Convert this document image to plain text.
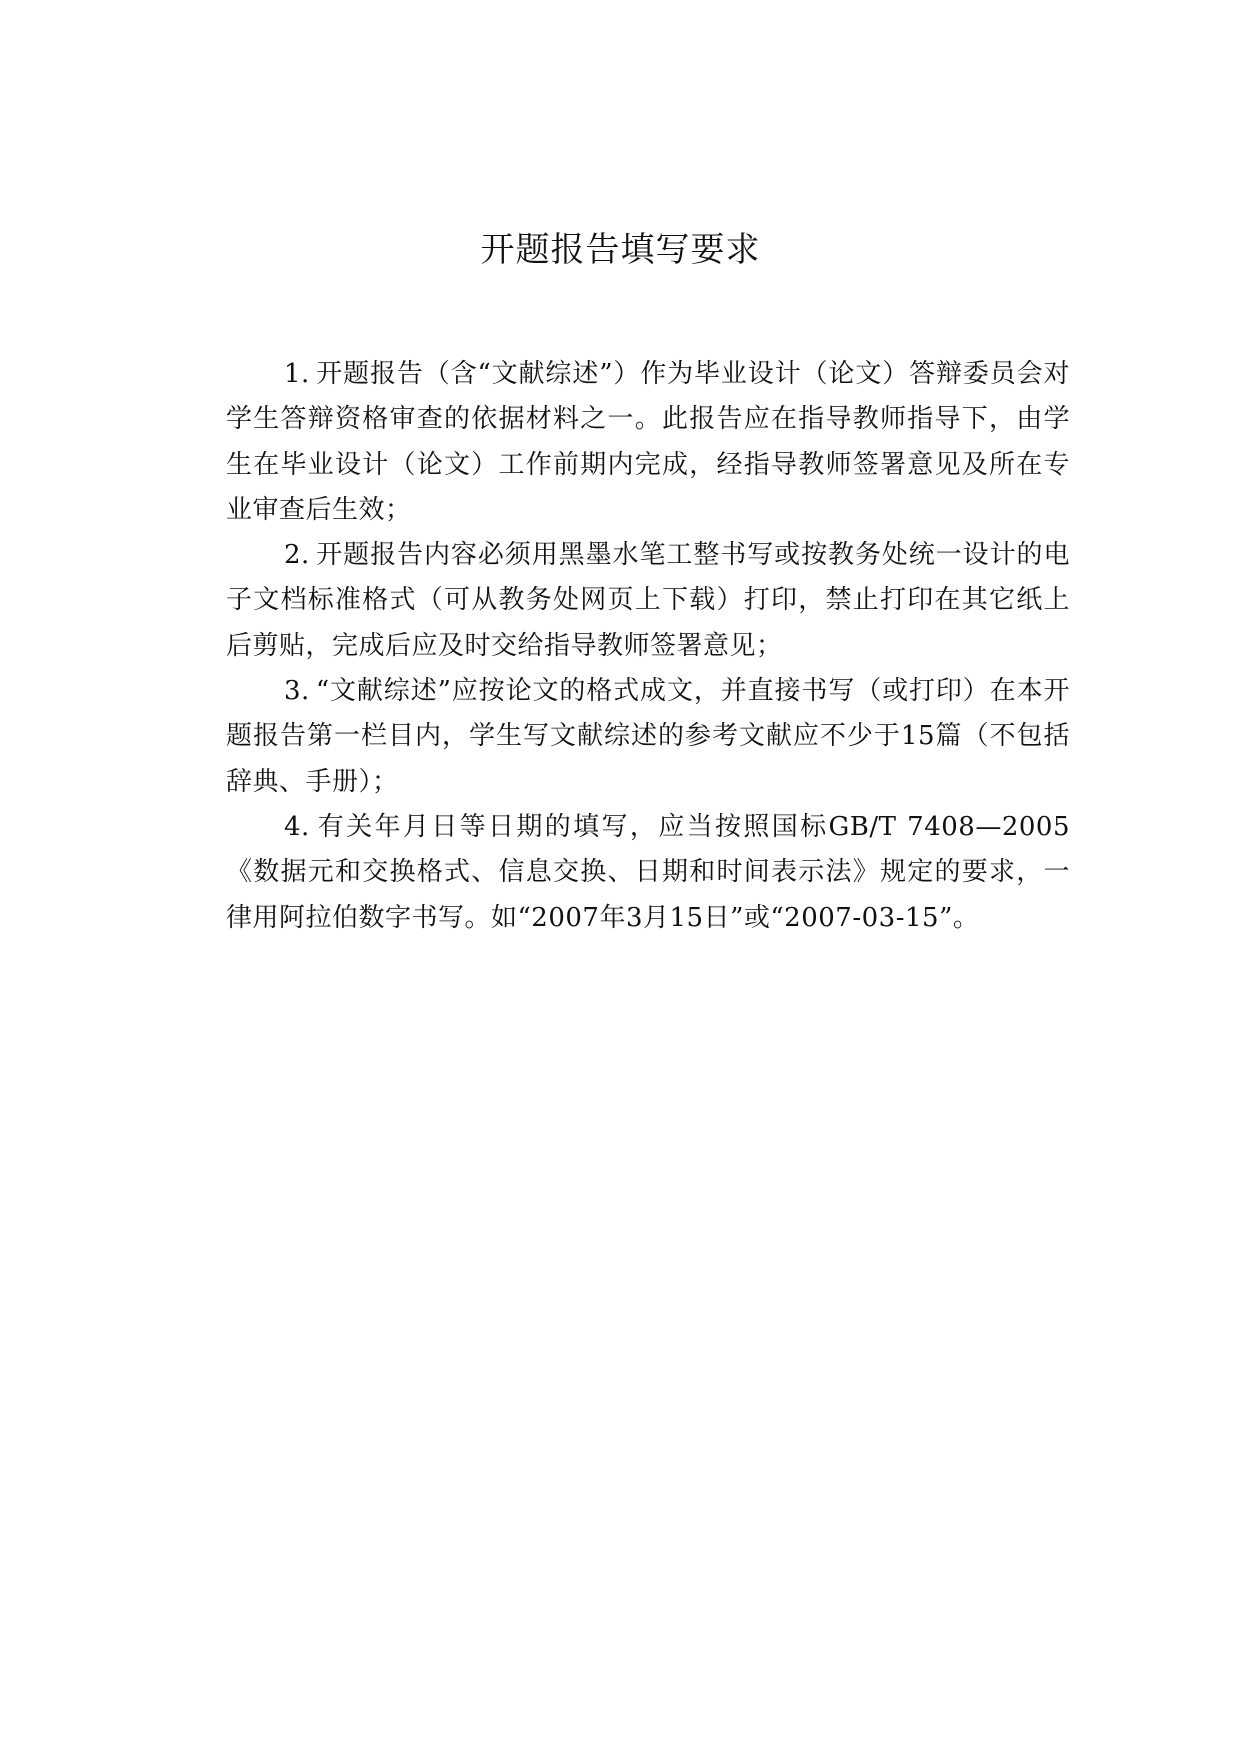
开题报告填写要求

1. 开题报告（含“文献综述”）作为毕业设计（论文）答辩委员会对学生答辩资格审查的依据材料之一。此报告应在指导教师指导下，由学生在毕业设计（论文）工作前期内完成，经指导教师签署意见及所在专业审查后生效；

2. 开题报告内容必须用黑墨水笔工整书写或按教务处统一设计的电子文档标准格式（可从教务处网页上下载）打印，禁止打印在其它纸上后剪贴，完成后应及时交给指导教师签署意见；

3. “文献综述”应按论文的格式成文，并直接书写（或打印）在本开题报告第一栏目内，学生写文献综述的参考文献应不少于15篇（不包括辞典、手册）；

4. 有关年月日等日期的填写，应当按照国标GB/T 7408—2005《数据元和交换格式、信息交换、日期和时间表示法》规定的要求，一律用阿拉伯数字书写。如“2007年3月15日”或“2007-03-15”。
